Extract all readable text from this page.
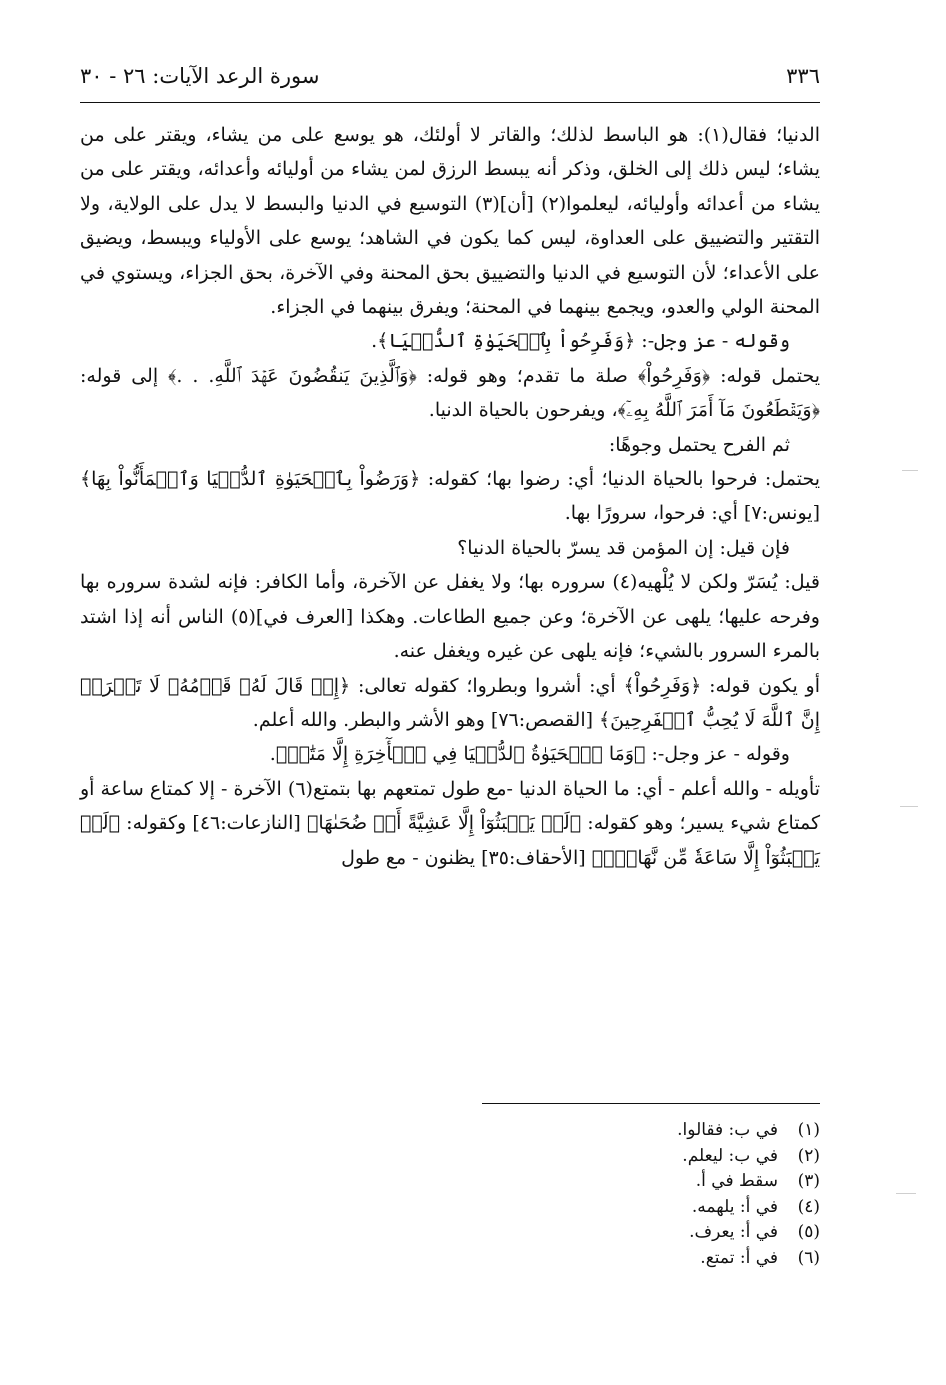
٣٣٦
سورة الرعد الآيات: ٢٦ - ٣٠

الدنيا؛ فقال(١): هو الباسط لذلك؛ والقاتر لا أولئك، هو يوسع على من يشاء، ويقتر على من يشاء؛ ليس ذلك إلى الخلق، وذكر أنه يبسط الرزق لمن يشاء من أوليائه وأعدائه، ويقتر على من يشاء من أعدائه وأوليائه، ليعلموا(٢) [أن](٣) التوسيع في الدنيا والبسط لا يدل على الولاية، ولا التقتير والتضييق على العداوة، ليس كما يكون في الشاهد؛ يوسع على الأولياء ويبسط، ويضيق على الأعداء؛ لأن التوسيع في الدنيا والتضييق بحق المحنة وفي الآخرة، بحق الجزاء، ويستوي في المحنة الولي والعدو، ويجمع بينهما في المحنة؛ ويفرق بينهما في الجزاء.

وقوله - عز وجل-: ﴿وَفَرِحُواْ بِٱلۡحَيَوٰةِ ٱلدُّنۡيَا﴾.

يحتمل قوله: ﴿وَفَرِحُواْ﴾ صلة ما تقدم؛ وهو قوله: ﴿وَٱلَّذِينَ يَنقُضُونَ عَهۡدَ ٱللَّهِ. . .﴾ إلى قوله: ﴿وَيَقۡطَعُونَ مَآ أَمَرَ ٱللَّهُ بِهِۦٓ﴾، ويفرحون بالحياة الدنيا.

ثم الفرح يحتمل وجوهًا:

يحتمل: فرحوا بالحياة الدنيا؛ أي: رضوا بها؛ كقوله: ﴿وَرَضُواْ بِٱلۡحَيَوٰةِ ٱلدُّنۡيَا وَٱطۡمَأَنُّواْ بِهَا﴾ [يونس:٧] أي: فرحوا، سرورًا بها.

فإن قيل: إن المؤمن قد يسرّ بالحياة الدنيا؟

قيل: يُسَرّ ولكن لا يُلْهيه(٤) سروره بها؛ ولا يغفل عن الآخرة، وأما الكافر: فإنه لشدة سروره بها وفرحه عليها؛ يلهى عن الآخرة؛ وعن جميع الطاعات. وهكذا [العرف في](٥) الناس أنه إذا اشتد بالمرء السرور بالشيء؛ فإنه يلهى عن غيره ويغفل عنه.

أو يكون قوله: ﴿وَفَرِحُواْ﴾ أي: أشروا وبطروا؛ كقوله تعالى: ﴿إِذۡ قَالَ لَهُۥ قَوۡمُهُۥ لَا تَفۡرَحۡ إِنَّ ٱللَّهَ لَا يُحِبُّ ٱلۡفَرِحِينَ﴾ [القصص:٧٦] وهو الأشر والبطر. والله أعلم.

وقوله - عز وجل-: ﴿وَمَا ٱلۡحَيَوٰةُ ٱلدُّنۡيَا فِي ٱلۡأٓخِرَةِ إِلَّا مَتَٰعٞ﴾.

تأويله - والله أعلم - أي: ما الحياة الدنيا -مع طول تمتعهم بها بتمتع(٦) الآخرة - إلا كمتاع ساعة أو كمتاع شيء يسير؛ وهو كقوله: ﴿لَمۡ يَلۡبَثُوٓاْ إِلَّا عَشِيَّةً أَوۡ ضُحَىٰهَا﴾ [النازعات:٤٦] وكقوله: ﴿لَمۡ يَلۡبَثُوٓاْ إِلَّا سَاعَةٗ مِّن نَّهَارِۭ﴾ [الأحقاف:٣٥] يظنون - مع طول

(١)في ب: فقالوا.
(٢)في ب: ليعلم.
(٣)سقط في أ.
(٤)في أ: يلهمه.
(٥)في أ: يعرف.
(٦)في أ: تمتع.
